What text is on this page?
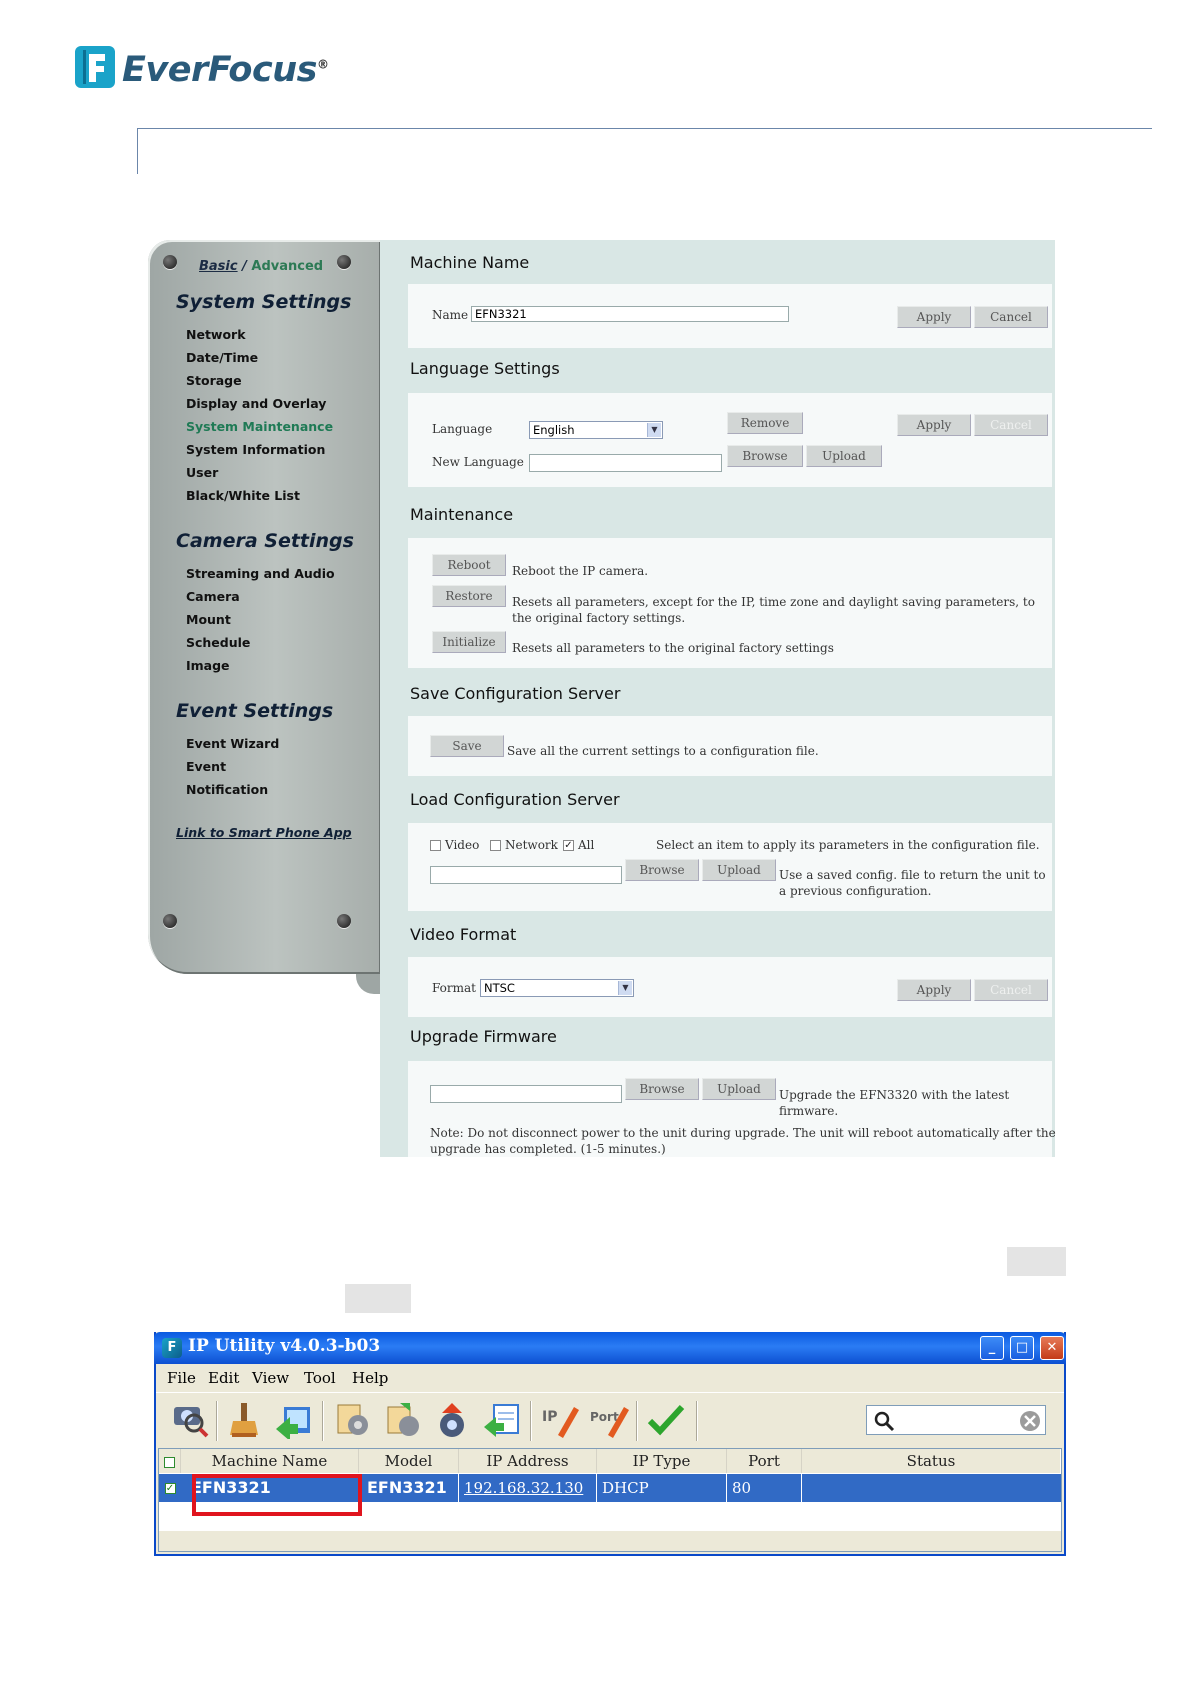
EverFocus®
Basic / Advanced
System Settings
Network
Date/Time
Storage
Display and Overlay
System Maintenance
System Information
User
Black/White List
Camera Settings
Streaming and Audio
Camera
Mount
Schedule
Image
Event Settings
Event Wizard
Event
Notification
Link to Smart Phone App
Machine Name
Name EFN3321	Apply	Cancel
Language Settings
Language	English	▼
New Language
Remove
Browse	Upload
Apply	Cancel
Maintenance
Reboot	Reboot the IP camera.
Restore	Resets all parameters, except for the IP, time zone and daylight saving parameters, to
the original factory settings.
Initialize	Resets all parameters to the original factory settings
Save Configuration Server
Save	Save all the current settings to a configuration file.
Load Configuration Server
Video Network ✓ All	Select an item to apply its parameters in the configuration file.
Browse	Upload	Use a saved config. file to return the unit to
a previous configuration.
Video Format
Format NTSC	▼	Apply	Cancel
Upgrade Firmware
Browse	Upload	Upgrade the EFN3320 with the latest
firmware.
Note: Do not disconnect power to the unit during upgrade. The unit will reboot automatically after the
upgrade has completed. (1-5 minutes.)
F IP Utility v4.0.3-b03	_	□	✕
File Edit View Tool Help
IP	Port
Machine Name	Model	IP Address	IP Type	Port	Status
✓	EFN3321	EFN3321	192.168.32.130	DHCP	80
